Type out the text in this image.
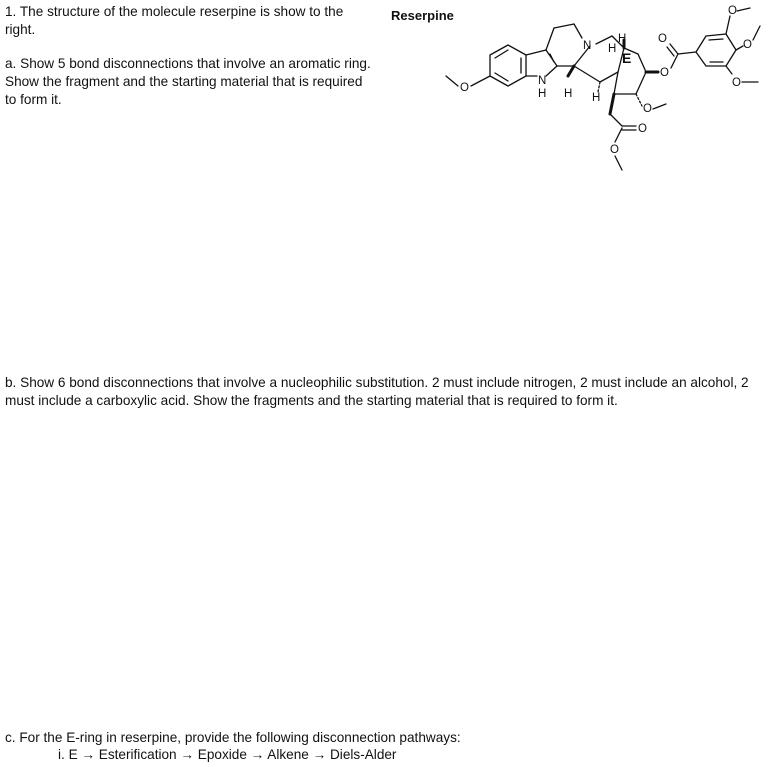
1. The structure of the molecule reserpine is show to the right.

a. Show 5 bond disconnections that involve an aromatic ring. Show the fragment and the starting material that is required to form it.

Reserpine

O
N
H H
N
H
E
H
H
O
O
O
O
O
O
O
O

b. Show 6 bond disconnections that involve a nucleophilic substitution. 2 must include nitrogen, 2 must include an alcohol, 2 must include a carboxylic acid. Show the fragments and the starting material that is required to form it.

c. For the E-ring in reserpine, provide the following disconnection pathways:

i. E → Esterification → Epoxide → Alkene → Diels-Alder
